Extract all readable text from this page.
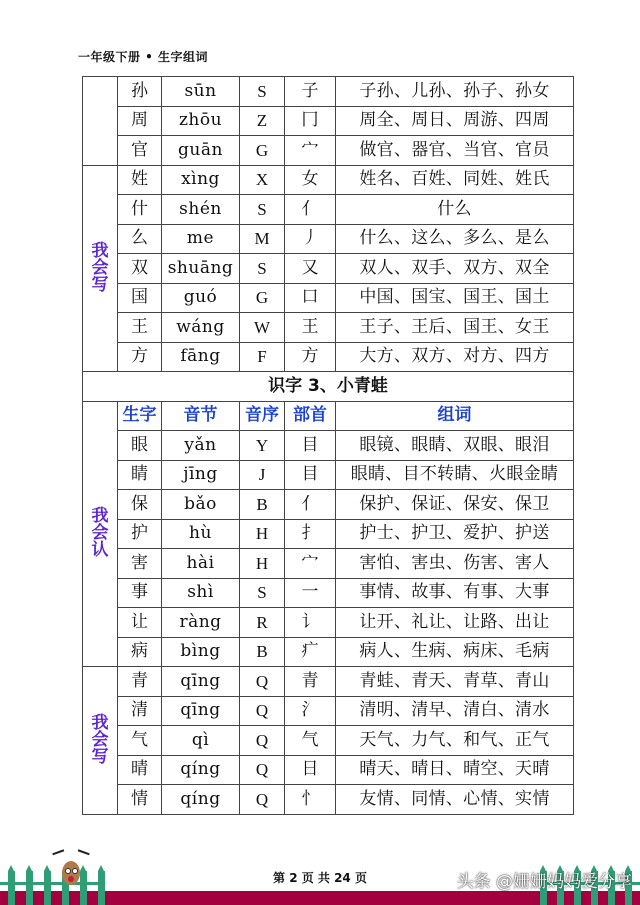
一年级下册 • 生字组词
	孙	sūn	S	子	子孙、儿孙、孙子、孙女
	周	zhōu	Z	冂	周全、周日、周游、四周
	官	guān	G	宀	做官、器官、当官、官员

我
会
写	姓	xìng	X	女	姓名、百姓、同姓、姓氏
	什	shén	S	亻	什么
	么	me	M	丿	什么、这么、多么、是么
	双	shuāng	S	又	双人、双手、双方、双全
	国	guó	G	口	中国、国宝、国王、国土
	王	wáng	W	王	王子、王后、国王、女王
	方	fāng	F	方	大方、双方、对方、四方
识字 3、小青蛙					

我
会
认	生字	音节	音序	部首	组词
	眼	yǎn	Y	目	眼镜、眼睛、双眼、眼泪
	睛	jīng	J	目	眼睛、目不转睛、火眼金睛
	保	bǎo	B	亻	保护、保证、保安、保卫
	护	hù	H	扌	护士、护卫、爱护、护送
	害	hài	H	宀	害怕、害虫、伤害、害人
	事	shì	S	一	事情、故事、有事、大事
	让	ràng	R	讠	让开、礼让、让路、出让
	病	bìng	B	疒	病人、生病、病床、毛病

我
会
写	青	qīng	Q	青	青蛙、青天、青草、青山
	清	qīng	Q	氵	清明、清早、清白、清水
	气	qì	Q	气	天气、力气、和气、正气
	晴	qíng	Q	日	晴天、晴日、晴空、天晴
	情	qíng	Q	忄	友情、同情、心情、实情
第 2 页 共 24 页	头条 @姗姗妈妈爱分享
